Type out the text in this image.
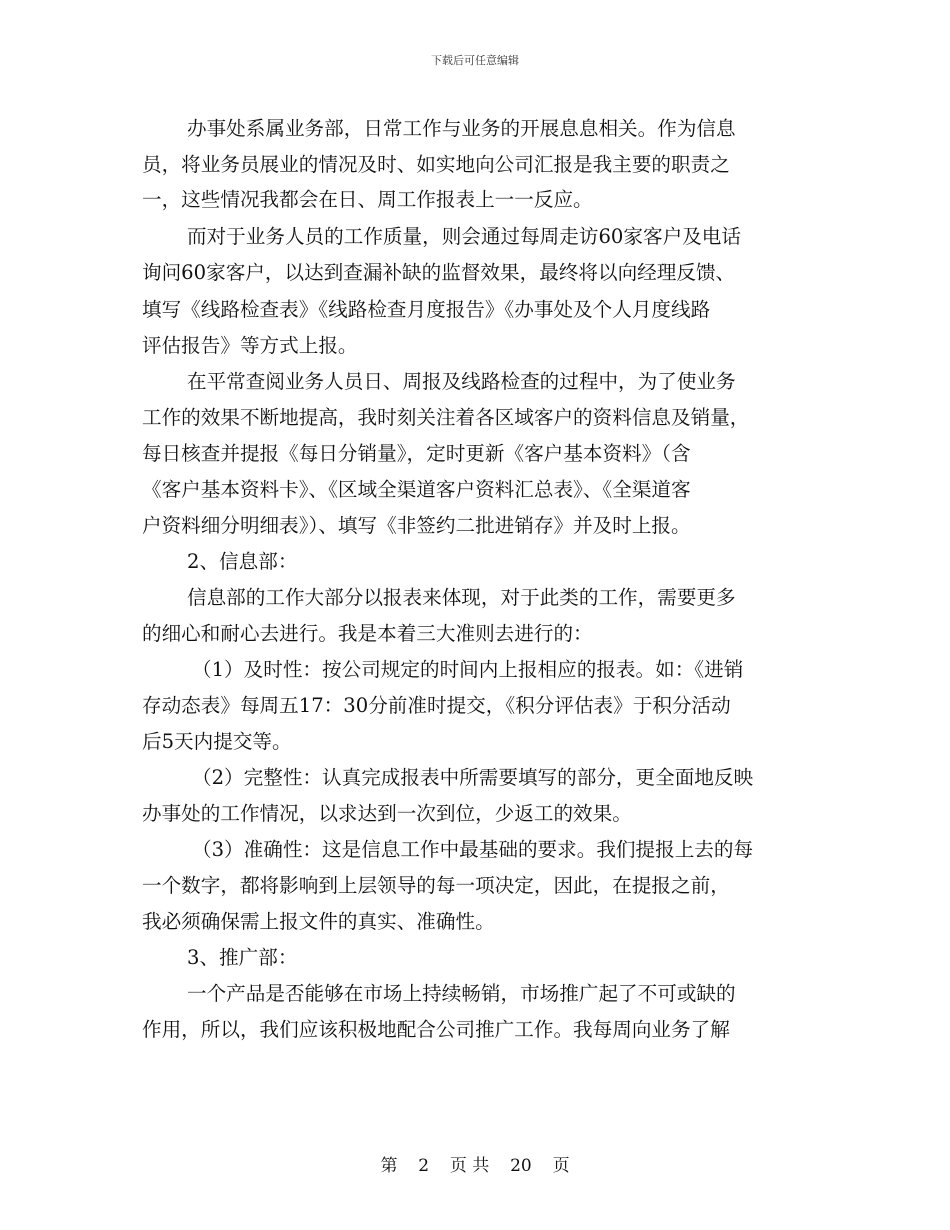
下载后可任意编辑
办事处系属业务部，日常工作与业务的开展息息相关。作为信息
员，将业务员展业的情况及时、如实地向公司汇报是我主要的职责之
一，这些情况我都会在日、周工作报表上一一反应。
而对于业务人员的工作质量，则会通过每周走访60家客户及电话
询问60家客户，以达到查漏补缺的监督效果，最终将以向经理反馈、
填写《线路检查表》《线路检查月度报告》《办事处及个人月度线路
评估报告》等方式上报。
在平常查阅业务人员日、周报及线路检查的过程中，为了使业务
工作的效果不断地提高，我时刻关注着各区域客户的资料信息及销量，
每日核查并提报《每日分销量》，定时更新《客户基本资料》（含
《客户基本资料卡》、《区域全渠道客户资料汇总表》、《全渠道客
户资料细分明细表》）、填写《非签约二批进销存》并及时上报。
2、信息部：
信息部的工作大部分以报表来体现，对于此类的工作，需要更多
的细心和耐心去进行。我是本着三大准则去进行的：
（1）及时性：按公司规定的时间内上报相应的报表。如：《进销
存动态表》每周五17：30分前准时提交，《积分评估表》于积分活动
后5天内提交等。
（2）完整性：认真完成报表中所需要填写的部分，更全面地反映
办事处的工作情况，以求达到一次到位，少返工的效果。
（3）准确性：这是信息工作中最基础的要求。我们提报上去的每
一个数字，都将影响到上层领导的每一项决定，因此，在提报之前，
我必须确保需上报文件的真实、准确性。
3、推广部：
一个产品是否能够在市场上持续畅销，市场推广起了不可或缺的
作用，所以，我们应该积极地配合公司推广工作。我每周向业务了解
第 2 页 共 20 页
